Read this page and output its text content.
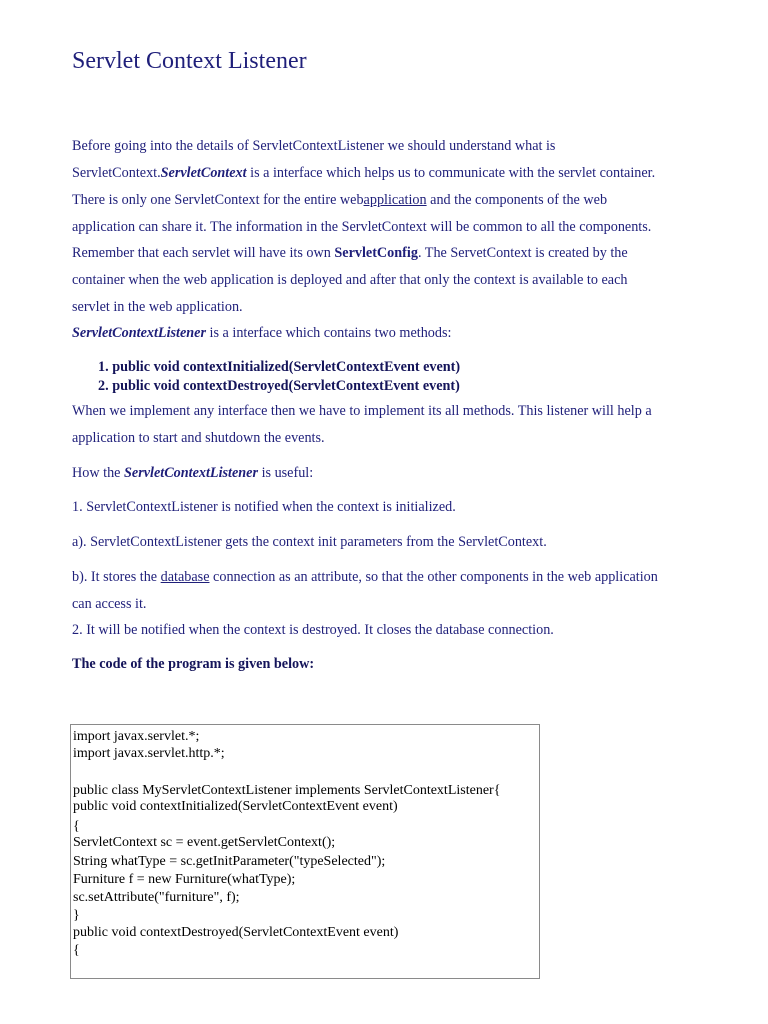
Servlet Context Listener
Before going into the details of ServletContextListener we should understand what is
ServletContext.ServletContext is a interface which helps us to communicate with the servlet container.
There is only one ServletContext for the entire webapplication and the components of the web
application can share it. The information in the ServletContext will be common to all the components.
Remember that each servlet will have its own ServletConfig. The ServetContext is created by the
container when the web application is deployed and after that only the context is available to each
servlet in the web application.
ServletContextListener is a interface which contains two methods:
1. public void contextInitialized(ServletContextEvent event)
2. public void contextDestroyed(ServletContextEvent event)
When we implement any interface then we have to implement its all methods. This listener will help a
application to start and shutdown the events.
How the ServletContextListener is useful:
1. ServletContextListener is notified when the context is initialized.
a). ServletContextListener gets the context init parameters from the ServletContext.
b). It stores the database connection as an attribute, so that the other components in the web application
can access it.
2. It will be notified when the context is destroyed. It closes the database connection.
The code of the program is given below:
import javax.servlet.*;
import javax.servlet.http.*;
public class MyServletContextListener implements ServletContextListener{
public void contextInitialized(ServletContextEvent event)
{
ServletContext sc = event.getServletContext();
String whatType = sc.getInitParameter("typeSelected");
Furniture f = new Furniture(whatType);
sc.setAttribute("furniture", f);
}
public void contextDestroyed(ServletContextEvent event)
{
